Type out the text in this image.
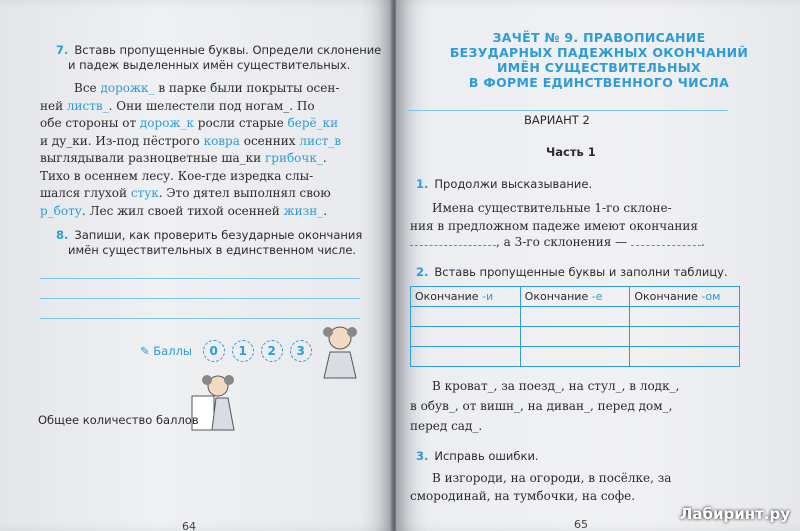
7. Вставь пропущенные буквы. Определи склонение
и падеж выделенных имён существительных.
Все дорожк_ в парке были покрыты осен-
ней листв_. Они шелестели под ногам_. По
обе стороны от дорож_к росли старые берё_ки
и ду_ки. Из-под пёстрого ковра осенних лист_в
выглядывали разноцветные ша_ки грибочк_.
Тихо в осеннем лесу. Кое-где изредка слы-
шался глухой стук. Это дятел выполнял свою
р_боту. Лес жил своей тихой осенней жизн_.
8. Запиши, как проверить безударные окончания
имён существительных в единственном числе.
✎ Баллы 0 1 2 3
Общее количество баллов
64
ЗАЧЁТ № 9. ПРАВОПИСАНИЕ
БЕЗУДАРНЫХ ПАДЕЖНЫХ ОКОНЧАНИЙ
ИМЁН СУЩЕСТВИТЕЛЬНЫХ
В ФОРМЕ ЕДИНСТВЕННОГО ЧИСЛА
ВАРИАНТ 2
Часть 1
1. Продолжи высказывание.
Имена существительные 1-го склоне-
ния в предложном падеже имеют окончания
, а 3-го склонения —	.
2. Вставь пропущенные буквы и заполни таблицу.
Окончание -и	Окончание -е	Окончание -ом

В кроват_, за поезд_, на стул_, в лодк_,
в обув_, от вишн_, на диван_, перед дом_,
перед сад_.
3. Исправь ошибки.
В изгороди, на огороди, в посёлке, за
смородинай, на тумбочки, на софе.
65
Лабиринт.ру
